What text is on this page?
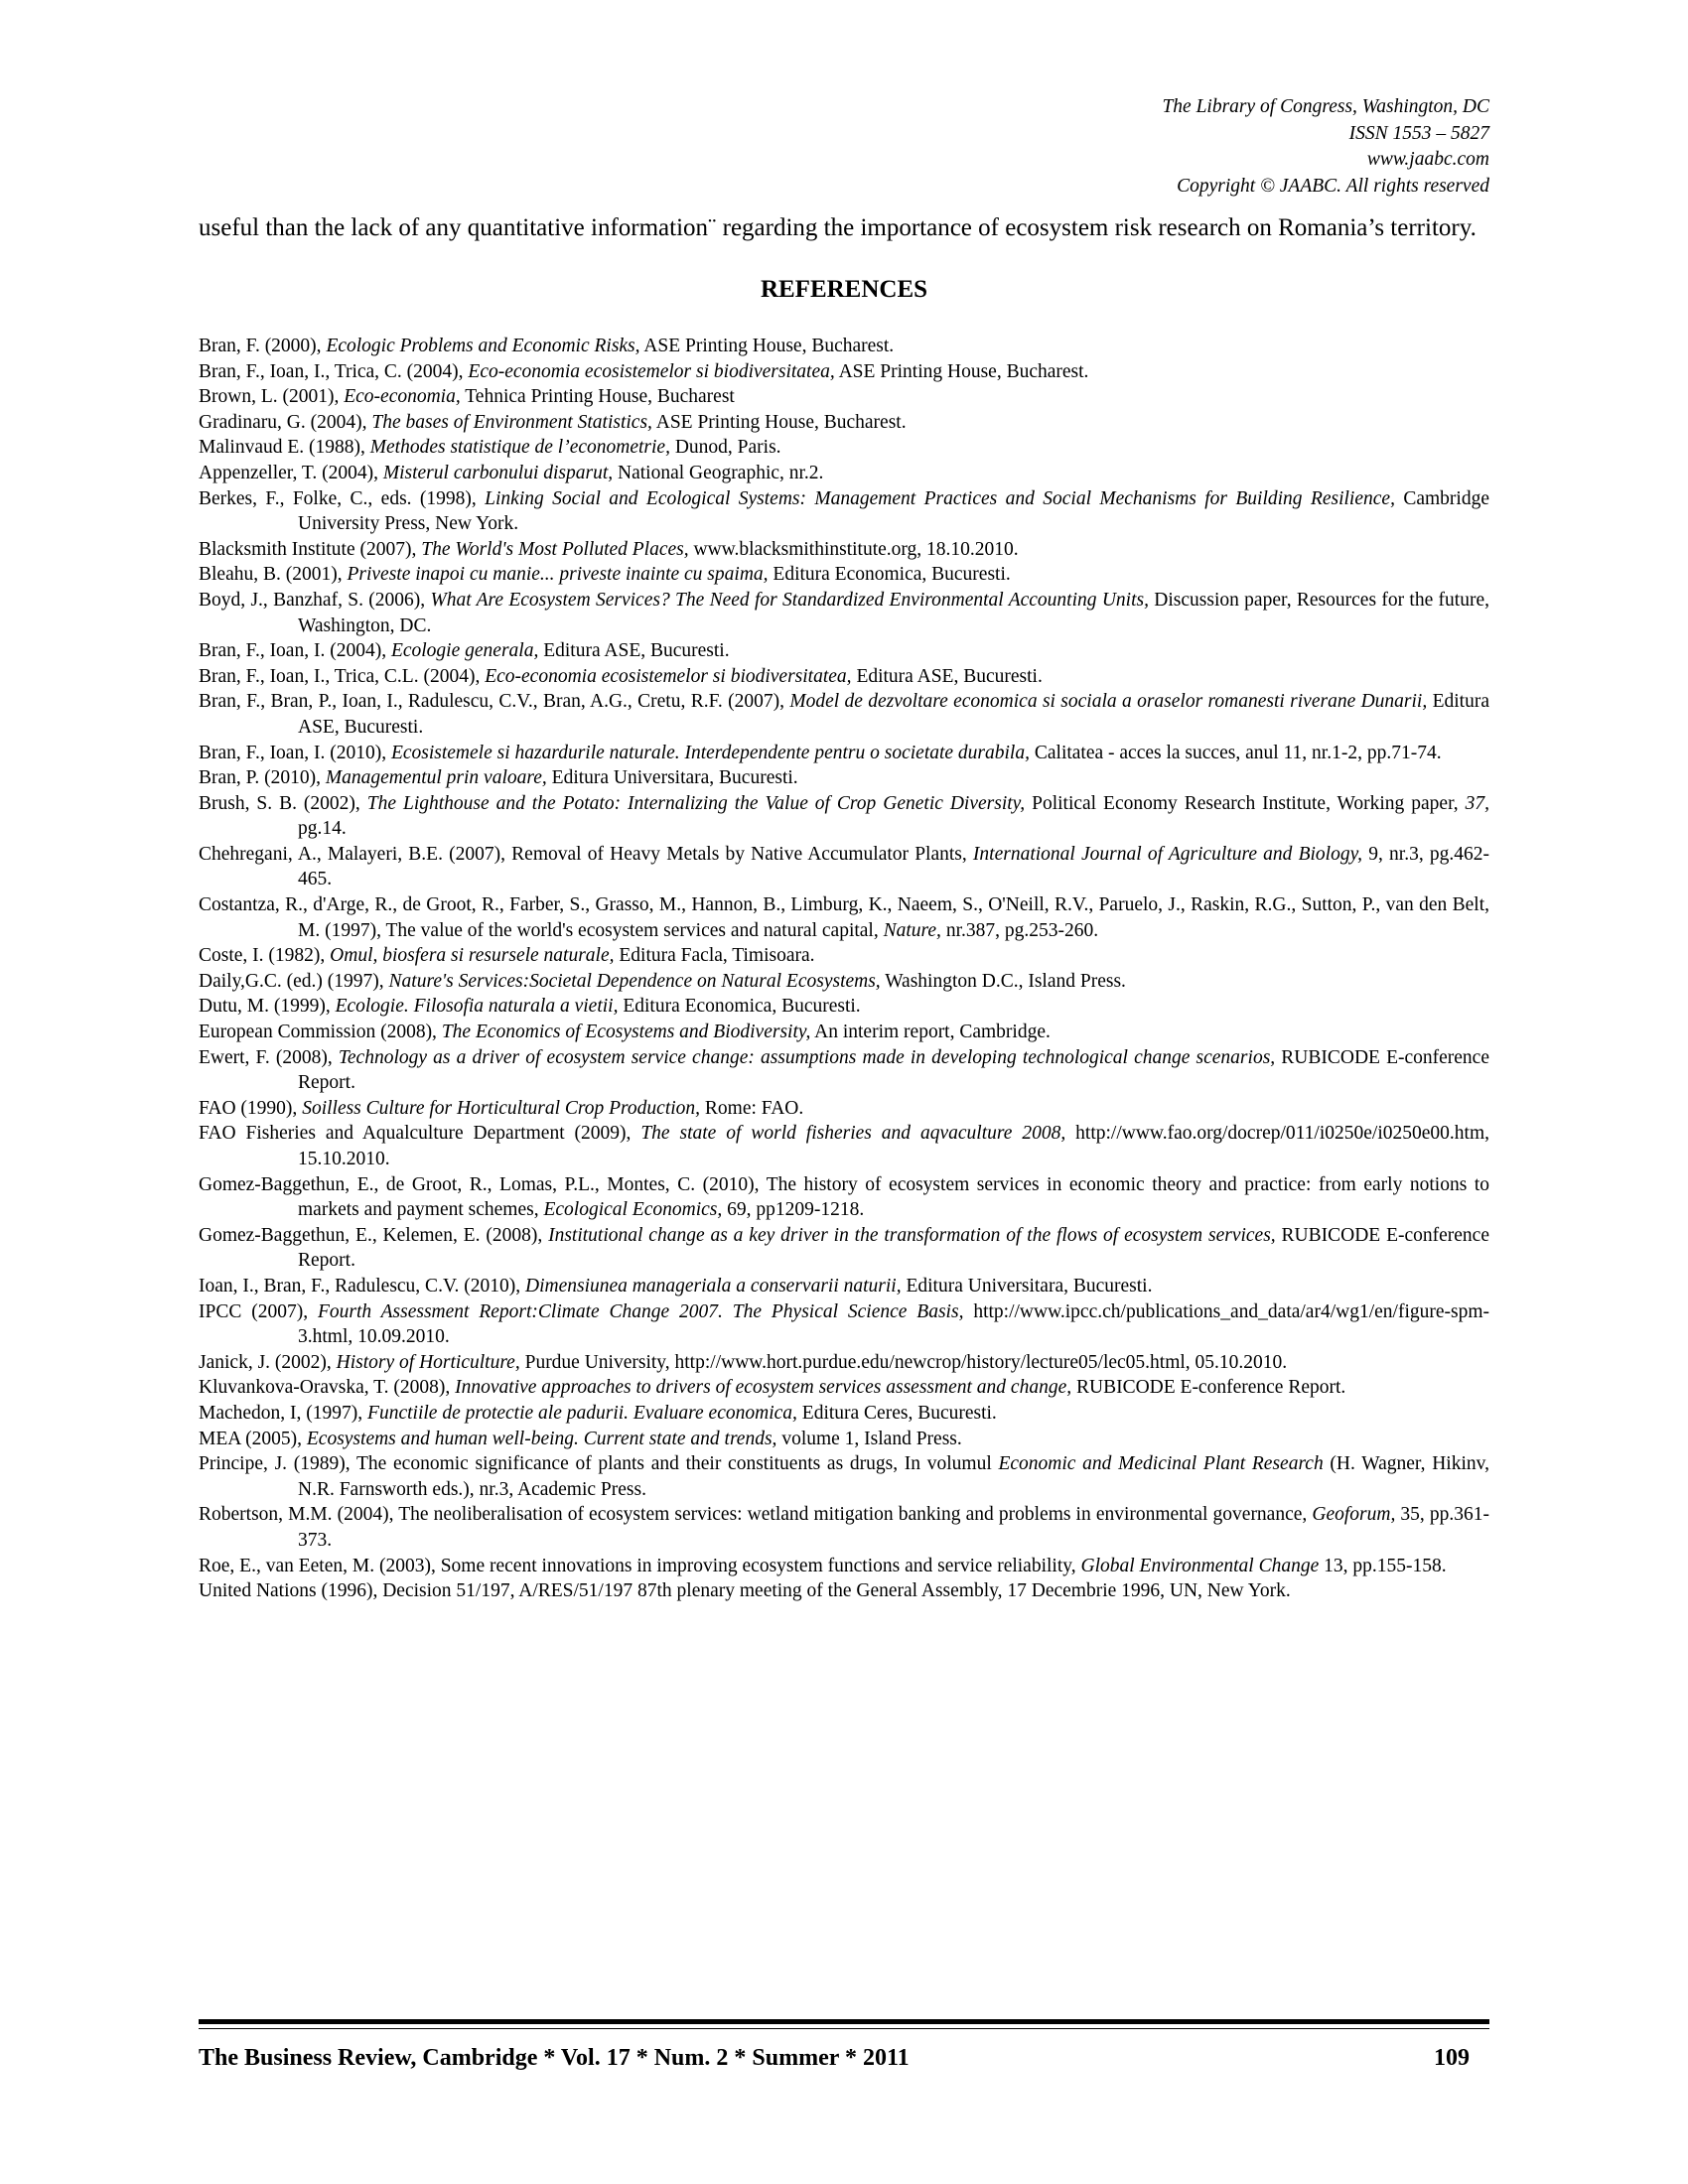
The Library of Congress, Washington, DC
ISSN 1553 – 5827
www.jaabc.com
Copyright © JAABC. All rights reserved

useful than the lack of any quantitative information¨ regarding the importance of ecosystem risk research on Romania’s territory.

REFERENCES

Bran, F. (2000), Ecologic Problems and Economic Risks, ASE Printing House, Bucharest.

Bran, F., Ioan, I., Trica, C. (2004), Eco-economia ecosistemelor si biodiversitatea, ASE Printing House, Bucharest.

Brown, L. (2001), Eco-economia, Tehnica Printing House, Bucharest

Gradinaru, G. (2004), The bases of Environment Statistics, ASE Printing House, Bucharest.

Malinvaud E. (1988), Methodes statistique de l’econometrie, Dunod, Paris.

Appenzeller, T. (2004), Misterul carbonului disparut, National Geographic, nr.2.

Berkes, F., Folke, C., eds. (1998), Linking Social and Ecological Systems: Management Practices and Social Mechanisms for Building Resilience, Cambridge University Press, New York.

Blacksmith Institute (2007), The World's Most Polluted Places, www.blacksmithinstitute.org, 18.10.2010.

Bleahu, B. (2001), Priveste inapoi cu manie... priveste inainte cu spaima, Editura Economica, Bucuresti.

Boyd, J., Banzhaf, S. (2006), What Are Ecosystem Services? The Need for Standardized Environmental Accounting Units, Discussion paper, Resources for the future, Washington, DC.

Bran, F., Ioan, I. (2004), Ecologie generala, Editura ASE, Bucuresti.

Bran, F., Ioan, I., Trica, C.L. (2004), Eco-economia ecosistemelor si biodiversitatea, Editura ASE, Bucuresti.

Bran, F., Bran, P., Ioan, I., Radulescu, C.V., Bran, A.G., Cretu, R.F. (2007), Model de dezvoltare economica si sociala a oraselor romanesti riverane Dunarii, Editura ASE, Bucuresti.

Bran, F., Ioan, I. (2010), Ecosistemele si hazardurile naturale. Interdependente pentru o societate durabila, Calitatea - acces la succes, anul 11, nr.1-2, pp.71-74.

Bran, P. (2010), Managementul prin valoare, Editura Universitara, Bucuresti.

Brush, S. B. (2002), The Lighthouse and the Potato: Internalizing the Value of Crop Genetic Diversity, Political Economy Research Institute, Working paper, 37, pg.14.

Chehregani, A., Malayeri, B.E. (2007), Removal of Heavy Metals by Native Accumulator Plants, International Journal of Agriculture and Biology, 9, nr.3, pg.462-465.

Costantza, R., d'Arge, R., de Groot, R., Farber, S., Grasso, M., Hannon, B., Limburg, K., Naeem, S., O'Neill, R.V., Paruelo, J., Raskin, R.G., Sutton, P., van den Belt, M. (1997), The value of the world's ecosystem services and natural capital, Nature, nr.387, pg.253-260.

Coste, I. (1982), Omul, biosfera si resursele naturale, Editura Facla, Timisoara.

Daily,G.C. (ed.) (1997), Nature's Services:Societal Dependence on Natural Ecosystems, Washington D.C., Island Press.

Dutu, M. (1999), Ecologie. Filosofia naturala a vietii, Editura Economica, Bucuresti.

European Commission (2008), The Economics of Ecosystems and Biodiversity, An interim report, Cambridge.

Ewert, F. (2008), Technology as a driver of ecosystem service change: assumptions made in developing technological change scenarios, RUBICODE E-conference Report.

FAO (1990), Soilless Culture for Horticultural Crop Production, Rome: FAO.

FAO Fisheries and Aqualculture Department (2009), The state of world fisheries and aqvaculture 2008, http://www.fao.org/docrep/011/i0250e/i0250e00.htm, 15.10.2010.

Gomez-Baggethun, E., de Groot, R., Lomas, P.L., Montes, C. (2010), The history of ecosystem services in economic theory and practice: from early notions to markets and payment schemes, Ecological Economics, 69, pp1209-1218.

Gomez-Baggethun, E., Kelemen, E. (2008), Institutional change as a key driver in the transformation of the flows of ecosystem services, RUBICODE E-conference Report.

Ioan, I., Bran, F., Radulescu, C.V. (2010), Dimensiunea manageriala a conservarii naturii, Editura Universitara, Bucuresti.

IPCC (2007), Fourth Assessment Report:Climate Change 2007. The Physical Science Basis, http://www.ipcc.ch/publications_and_data/ar4/wg1/en/figure-spm-3.html, 10.09.2010.

Janick, J. (2002), History of Horticulture, Purdue University, http://www.hort.purdue.edu/newcrop/history/lecture05/lec05.html, 05.10.2010.

Kluvankova-Oravska, T. (2008), Innovative approaches to drivers of ecosystem services assessment and change, RUBICODE E-conference Report.

Machedon, I, (1997), Functiile de protectie ale padurii. Evaluare economica, Editura Ceres, Bucuresti.

MEA (2005), Ecosystems and human well-being. Current state and trends, volume 1, Island Press.

Principe, J. (1989), The economic significance of plants and their constituents as drugs, In volumul Economic and Medicinal Plant Research (H. Wagner, Hikinv, N.R. Farnsworth eds.), nr.3, Academic Press.

Robertson, M.M. (2004), The neoliberalisation of ecosystem services: wetland mitigation banking and problems in environmental governance, Geoforum, 35, pp.361-373.

Roe, E., van Eeten, M. (2003), Some recent innovations in improving ecosystem functions and service reliability, Global Environmental Change 13, pp.155-158.

United Nations (1996), Decision 51/197, A/RES/51/197 87th plenary meeting of the General Assembly, 17 Decembrie 1996, UN, New York.

The Business Review, Cambridge * Vol. 17 * Num. 2 * Summer * 2011	109
